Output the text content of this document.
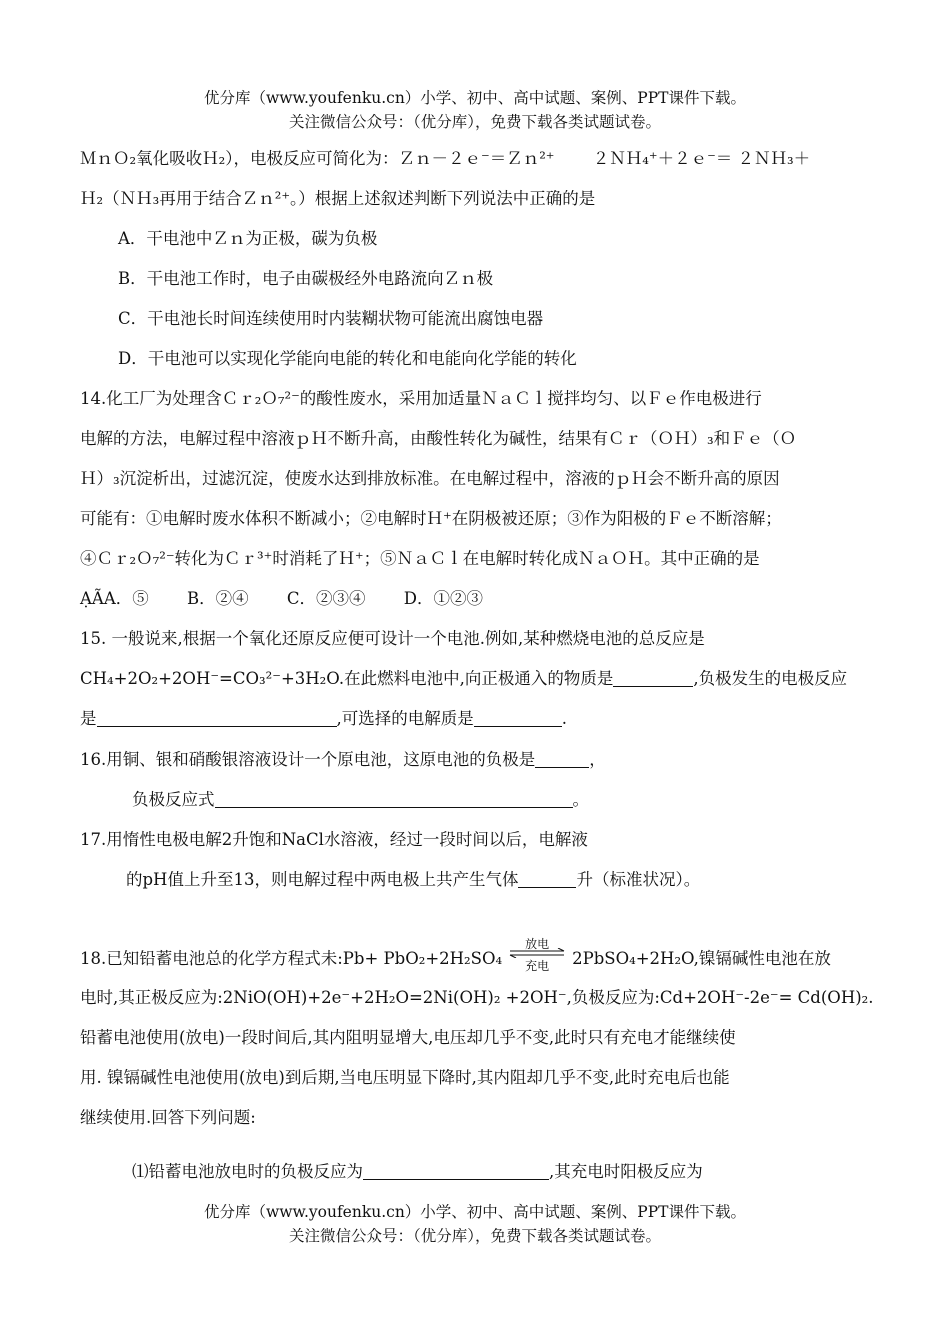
优分库（www.youfenku.cn）小学、初中、高中试题、案例、PPT课件下载。
关注微信公众号：（优分库），免费下载各类试题试卷。
ＭｎＯ₂氧化吸收Ｈ₂），电极反应可简化为：Ｚｎ－２ｅ⁻＝Ｚｎ²⁺　　 ２ＮＨ₄⁺＋２ｅ⁻＝ ２ＮＨ₃＋
Ｈ₂（ＮＨ₃再用于结合Ｚｎ²⁺。）根据上述叙述判断下列说法中正确的是
A．干电池中Ｚｎ为正极，碳为负极
B．干电池工作时，电子由碳极经外电路流向Ｚｎ极
C．干电池长时间连续使用时内装糊状物可能流出腐蚀电器
D．干电池可以实现化学能向电能的转化和电能向化学能的转化
14.化工厂为处理含Ｃｒ₂Ｏ₇²⁻的酸性废水，采用加适量ＮａＣｌ搅拌均匀、以Ｆｅ作电极进行
电解的方法，电解过程中溶液ｐＨ不断升高，由酸性转化为碱性，结果有Ｃｒ（ＯＨ）₃和Ｆｅ（Ｏ
Ｈ）₃沉淀析出，过滤沉淀，使废水达到排放标准。在电解过程中，溶液的ｐＨ会不断升高的原因
可能有：①电解时废水体积不断减小；②电解时Ｈ⁺在阴极被还原；③作为阳极的Ｆｅ不断溶解；
④Ｃｒ₂Ｏ₇²⁻转化为Ｃｒ³⁺时消耗了Ｈ⁺；⑤ＮａＣｌ在电解时转化成ＮａＯＨ。其中正确的是
ẠÃA．⑤　　 B．②④　　 C．②③④　　 D．①②③
15. 一般说来,根据一个氧化还原反应便可设计一个电池.例如,某种燃烧电池的总反应是
CH₄+2O₂+2OH⁻=CO₃²⁻+3H₂O.在此燃料电池中,向正极通入的物质是	,负极发生的电极反应
是	,可选择的电解质是	.
16.用铜、银和硝酸银溶液设计一个原电池，这原电池的负极是	，
负极反应式	。
17.用惰性电极电解2升饱和NaCl水溶液，经过一段时间以后，电解液
的pH值上升至13，则电解过程中两电极上共产生气体	升（标准状况）。
18.已知铅蓄电池总的化学方程式未:Pb+ PbO₂+2H₂SO₄
放电
充电	2PbSO₄+2H₂O,镍镉碱性电池在放
电时,其正极反应为:2NiO(OH)+2e⁻+2H₂O=2Ni(OH)₂ +2OH⁻,负极反应为:Cd+2OH⁻-2e⁻= Cd(OH)₂.
铅蓄电池使用(放电)一段时间后,其内阻明显增大,电压却几乎不变,此时只有充电才能继续使
用. 镍镉碱性电池使用(放电)到后期,当电压明显下降时,其内阻却几乎不变,此时充电后也能
继续使用.回答下列问题:
⑴铅蓄电池放电时的负极反应为	,其充电时阳极反应为
优分库（www.youfenku.cn）小学、初中、高中试题、案例、PPT课件下载。
关注微信公众号：（优分库），免费下载各类试题试卷。
